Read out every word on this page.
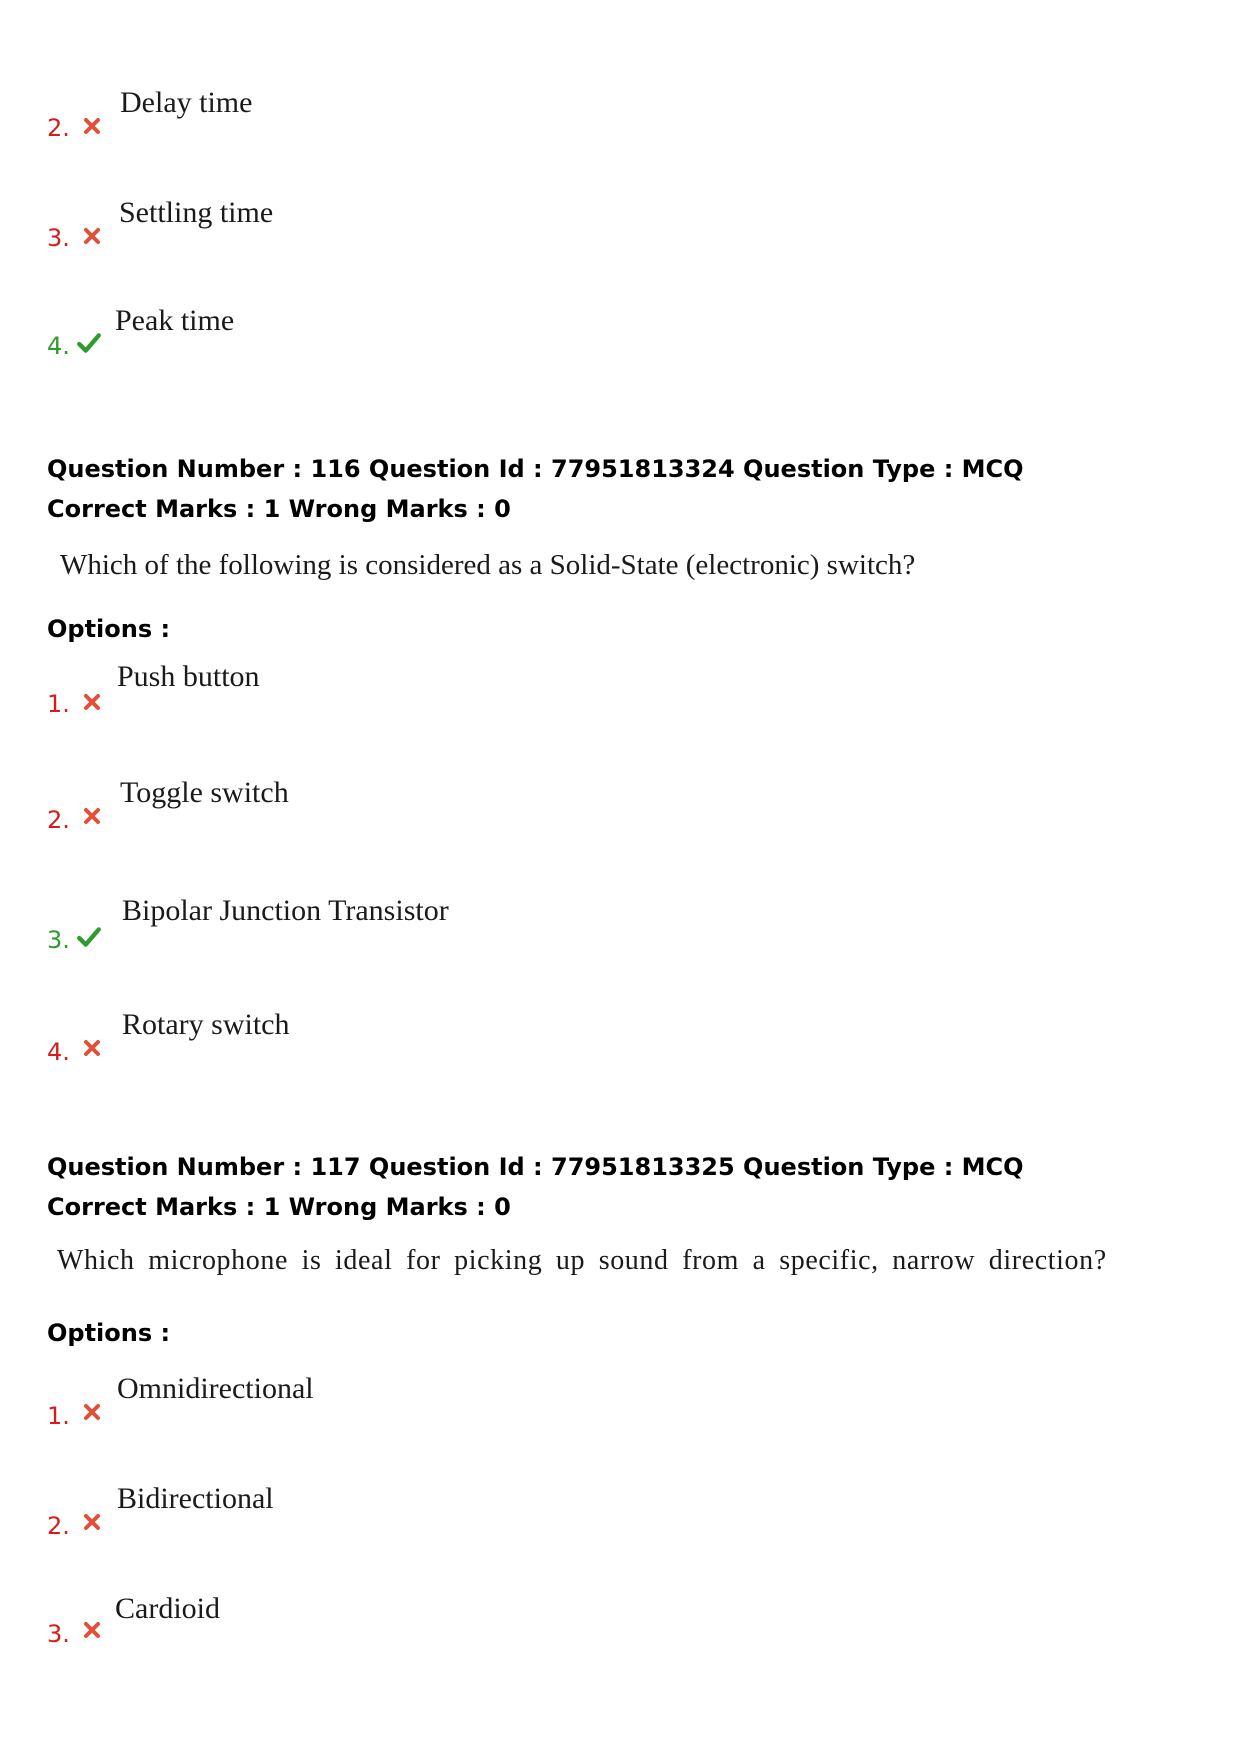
2.
Delay time
3.
Settling time
4.
Peak time
Question Number : 116 Question Id : 77951813324 Question Type : MCQ
Correct Marks : 1 Wrong Marks : 0
Which of the following is considered as a Solid-State (electronic) switch?
Options :
1.
Push button
2.
Toggle switch
3.
Bipolar Junction Transistor
4.
Rotary switch
Question Number : 117 Question Id : 77951813325 Question Type : MCQ
Correct Marks : 1 Wrong Marks : 0
Which microphone is ideal for picking up sound from a specific, narrow direction?
Options :
1.
Omnidirectional
2.
Bidirectional
3.
Cardioid
